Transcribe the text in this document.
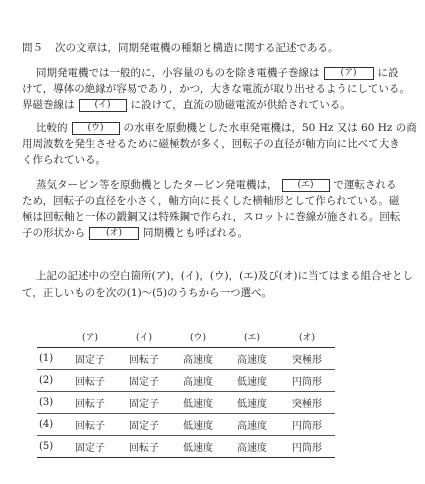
問５ 次の文章は，同期発電機の種類と構造に関する記述である。
同期発電機では一般的に，小容量のものを除き電機子巻線は (ア) に設
けて，導体の絶縁が容易であり，かつ，大きな電流が取り出せるようにしている。
界磁巻線は (イ) に設けて，直流の励磁電流が供給されている。
比較的 (ウ) の水車を原動機とした水車発電機は，50 Hz 又は 60 Hz の商
用周波数を発生させるために磁極数が多く，回転子の直径が軸方向に比べて大き
く作られている。
蒸気タービン等を原動機としたタービン発電機は， (エ) で運転される
ため，回転子の直径を小さく，軸方向に長くした横軸形として作られている。磁
極は回転軸と一体の鍛鋼又は特殊鋼で作られ，スロットに巻線が施される。回転
子の形状から (オ) 同期機とも呼ばれる。
上記の記述中の空白箇所(ア)，(イ)，(ウ)，(エ)及び(オ)に当てはまる組合せとし
て，正しいものを次の(1)～(5)のうちから一つ選べ。
	(ア)	(イ)	(ウ)	(エ)	(オ)
(1)	固定子	回転子	高速度	高速度	突極形
(2)	回転子	固定子	高速度	低速度	円筒形
(3)	回転子	固定子	低速度	低速度	突極形
(4)	回転子	固定子	低速度	高速度	円筒形
(5)	固定子	回転子	低速度	高速度	円筒形
